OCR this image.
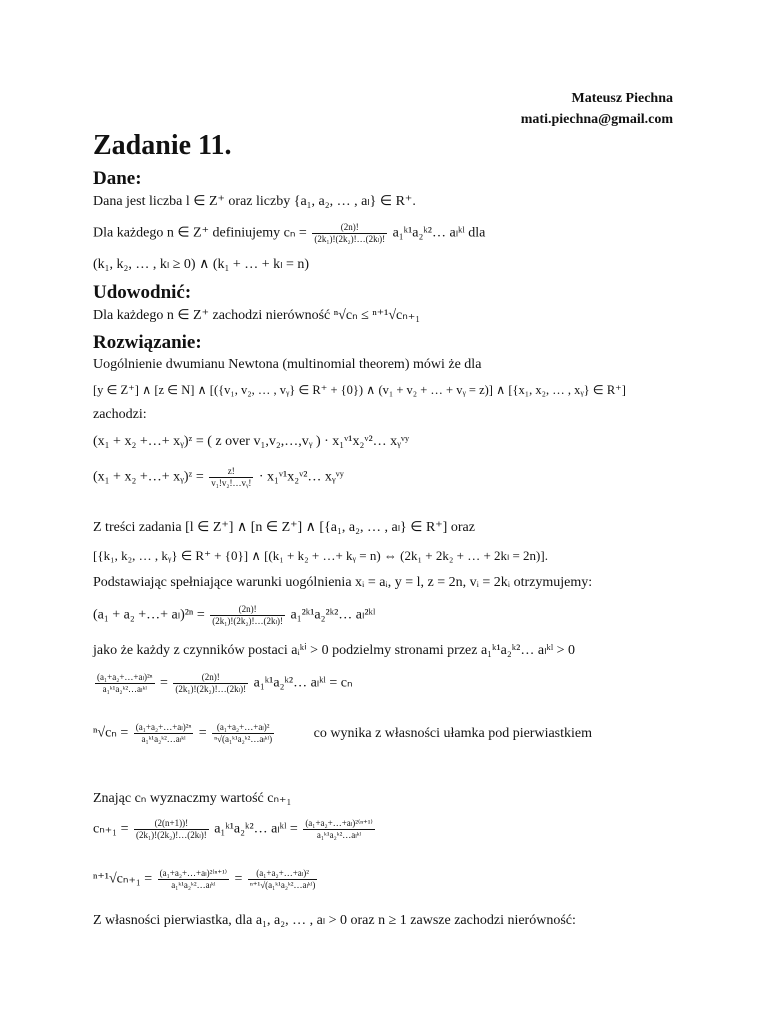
Mateusz Piechna
mati.piechna@gmail.com
Zadanie 11.
Dane:
Dana jest liczba l ∈ Z⁺ oraz liczby {a₁, a₂, … , aₗ} ∈ R⁺.
Dla każdego n ∈ Z⁺ definiujemy $c_n = \frac{(2n)!}{\text{(2k₁)!(2k₂)!…(2kₗ)!}}$ a₁ᵏ¹a₂ᵏ²… aₗᵏˡ dla
(k₁, k₂, … , kₗ ≥ 0) ∧ (k₁ + … + kₗ = n)
Udowodnić:
Dla każdego n ∈ Z⁺ zachodzi nierówność ⁿ√cₙ ≤ ⁿ⁺¹√cₙ₊₁
Rozwiązanie:
Uogólnienie dwumianu Newtona (multinomial theorem) mówi że dla
[y ∈ Z⁺] ∧ [z ∈ N] ∧ [({v₁, v₂, … , vᵧ} ∈ R⁺ + {0}) ∧ (v₁ + v₂ + … + vᵧ = z)] ∧ [{x₁, x₂, … , xᵧ} ∈ R⁺]
zachodzi:
(x₁ + x₂ +…+ xᵧ)ᶻ = ( z over v₁,v₂,…,vᵧ ) · x₁ᵛ¹x₂ᵛ²… xᵧᵛʸ
(x₁ + x₂ +…+ xᵧ)ᶻ = $\frac{z!}{\text{v₁!v₂!…vᵧ!}}$ · x₁ᵛ¹x₂ᵛ²… xᵧᵛʸ
Z treści zadania [l ∈ Z⁺] ∧ [n ∈ Z⁺] ∧ [{a₁, a₂, … , aₗ} ∈ R⁺] oraz
[{k₁, k₂, … , kᵧ} ∈ R⁺ + {0}] ∧ [(k₁ + k₂ + …+ kᵧ = n) ⇔ (2k₁ + 2k₂ + … + 2kₗ = 2n)].
Podstawiając spełniające warunki uogólnienia xᵢ = aᵢ, y = l, z = 2n, vᵢ = 2kᵢ otrzymujemy:
(a₁ + a₂ +…+ $a_l)^{2n} = \frac{(2n)!}{\text{(2k₁)!(2k₂)!…(2kₗ)!}}$ a₁²ᵏ¹a₂²ᵏ²… aₗ²ᵏˡ
jako że każdy z czynników postaci aᵢᵏⁱ > 0 podzielmy stronami przez a₁ᵏ¹a₂ᵏ²… aₗᵏˡ > 0
$\frac{\text{(a₁+a₂+…+aₗ)²ⁿ}}{\text{a₁ᵏ¹a₂ᵏ²…aₗᵏˡ}} = \frac{(2n)!}{\text{(2k₁)!(2k₂)!…(2kₗ)!}}$ a₁ᵏ¹a₂ᵏ²… aₗᵏˡ = cₙ
$^n√c_n = \frac{\text{(a₁+a₂+…+aₗ)²ⁿ}}{\text{a₁ᵏ¹a₂ᵏ²…aₗᵏˡ}} = \frac{\text{(a₁+a₂+…+aₗ)²}}{\text{ⁿ√(a₁ᵏ¹a₂ᵏ²…aₗᵏˡ)}}$	co wynika z własności ułamka pod pierwiastkiem
Znając cₙ wyznaczmy wartość cₙ₊₁
$c_{n+1} = \frac{(2(n+1))!}{\text{(2k₁)!(2k₂)!…(2kₗ)!}}$ a₁ᵏ¹a₂ᵏ²… aₗᵏˡ = $\frac{\text{(a₁+a₂+…+aₗ)²⁽ⁿ⁺¹⁾}}{\text{a₁ᵏ¹a₂ᵏ²…aₗᵏˡ}}$
$^{n+1}√c_{n+1} = \frac{\text{(a₁+a₂+…+aₗ)²⁽ⁿ⁺¹⁾}}{\text{a₁ᵏ¹a₂ᵏ²…aₗᵏˡ}} = \frac{\text{(a₁+a₂+…+aₗ)²}}{\text{ⁿ⁺¹√(a₁ᵏ¹a₂ᵏ²…aₗᵏˡ)}}$
Z własności pierwiastka, dla a₁, a₂, … , aₗ > 0 oraz n ≥ 1 zawsze zachodzi nierówność:
